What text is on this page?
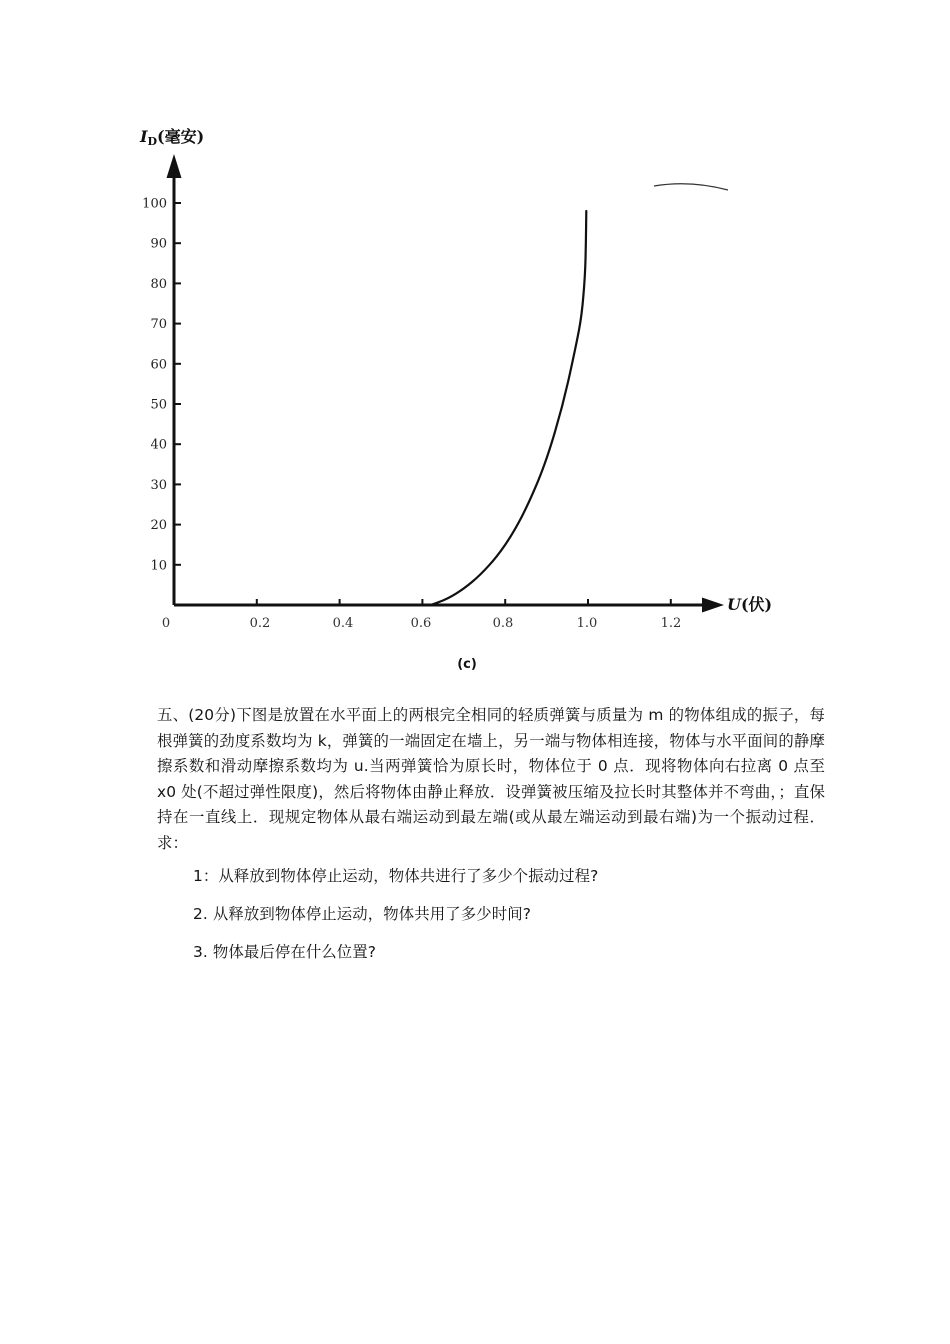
10
20
30
40
50
60
70
80
90
100
0	0.2	0.4	0.6	0.8	1.0	1.2
ID(毫安)
U(伏)
(c)

五、(20分)下图是放置在水平面上的两根完全相同的轻质弹簧与质量为 m 的物体组成的振子，每根弹簧的劲度系数均为 k，弹簧的一端固定在墙上，另一端与物体相连接，物体与水平面间的静摩擦系数和滑动摩擦系数均为 u.当两弹簧恰为原长时，物体位于 0 点．现将物体向右拉离 0 点至 x0 处(不超过弹性限度)，然后将物体由静止释放．设弹簧被压缩及拉长时其整体并不弯曲，；直保持在一直线上．现规定物体从最右端运动到最左端(或从最左端运动到最右端)为一个振动过程．求：

1：从释放到物体停止运动，物体共进行了多少个振动过程?

2. 从释放到物体停止运动，物体共用了多少时间?

3. 物体最后停在什么位置?
